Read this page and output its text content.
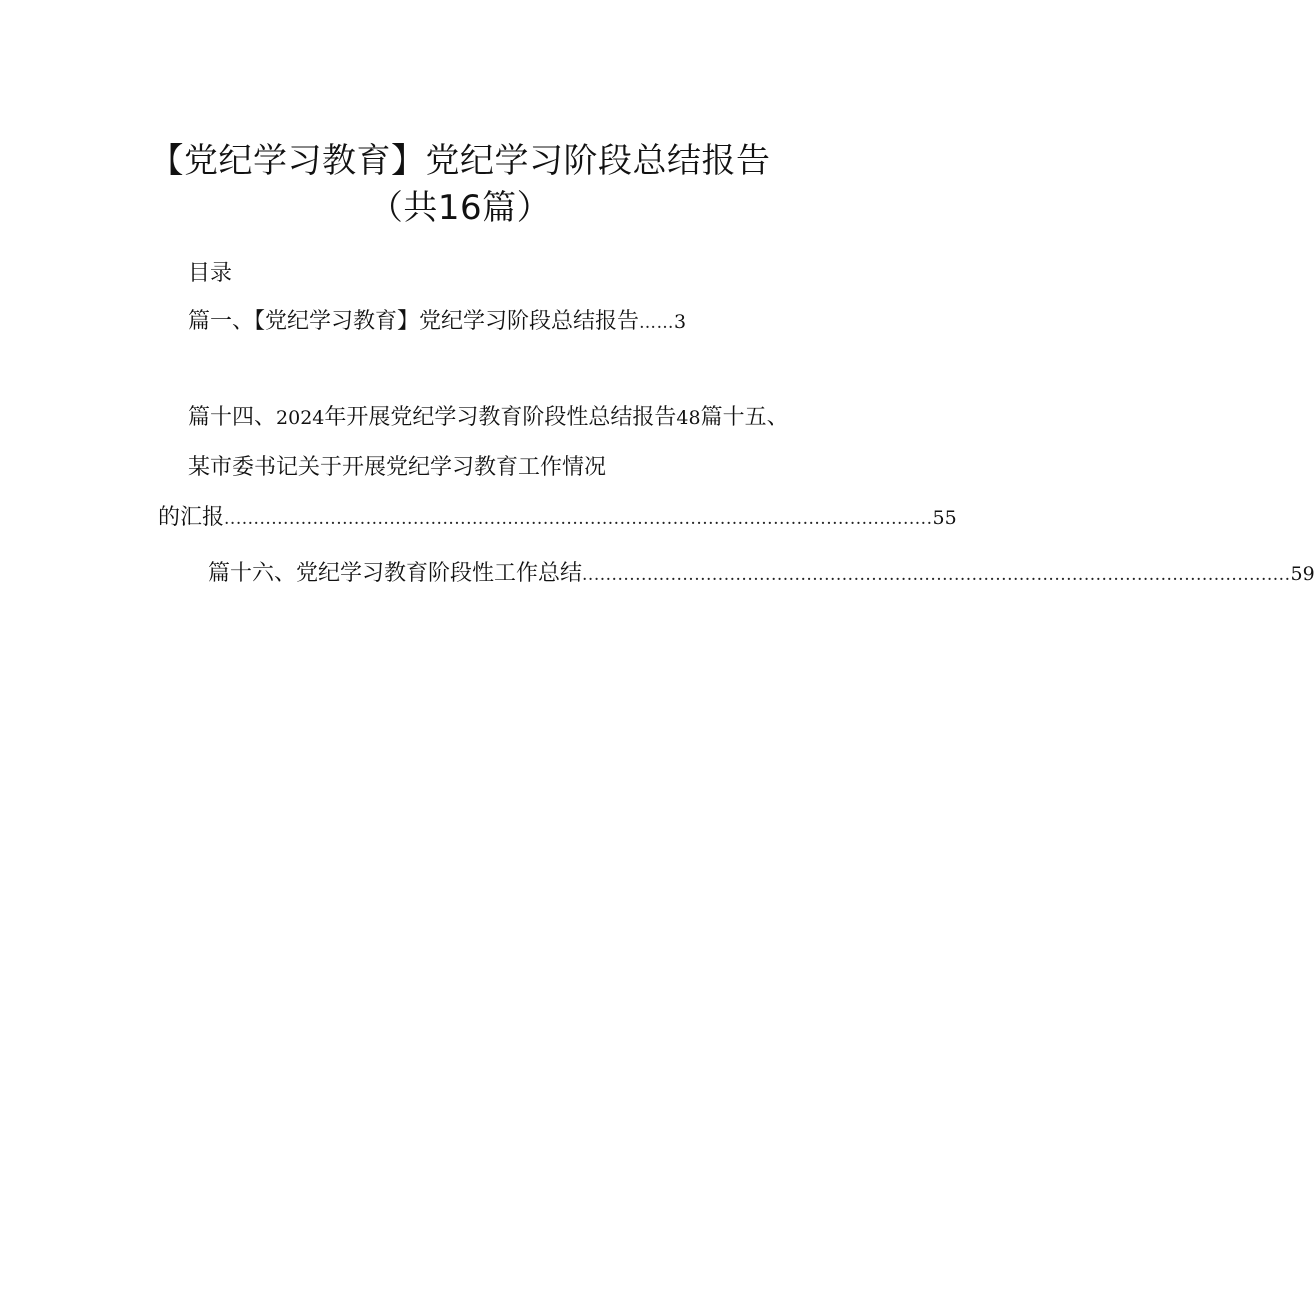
【党纪学习教育】党纪学习阶段总结报告
（共16篇）
目录
篇一、【党纪学习教育】党纪学习阶段总结报告 …… 3
篇十四、 2024 年开展党纪学习教育阶段性总结报告 48 篇十五、
某市委书记关于开展党纪学习教育工作情况
的汇报 ........................................................................................................................ 55
篇十六、党纪学习教育阶段性工作总结 ........................................................................................................................ 59
